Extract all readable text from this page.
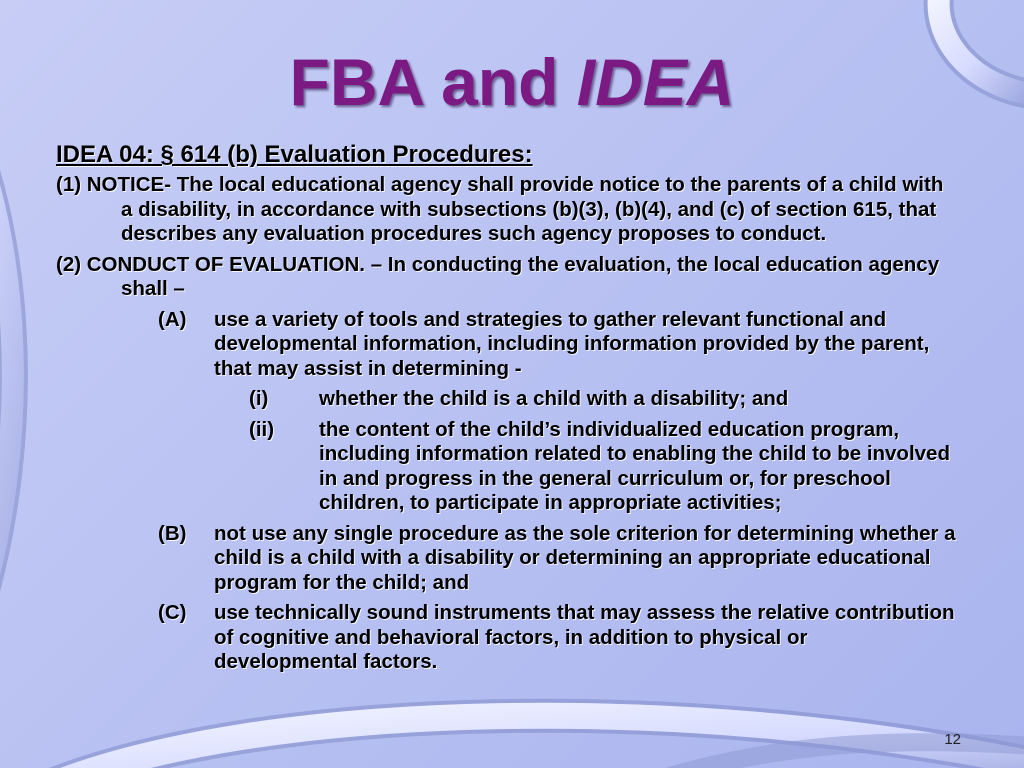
FBA and IDEA
IDEA 04: § 614 (b) Evaluation Procedures:
(1) NOTICE- The local educational agency shall provide notice to the parents of a child with a disability, in accordance with subsections (b)(3), (b)(4), and (c) of section 615, that describes any evaluation procedures such agency proposes to conduct.
(2) CONDUCT OF EVALUATION. – In conducting the evaluation, the local education agency shall –
(A)	use a variety of tools and strategies to gather relevant functional and developmental information, including information provided by the parent, that may assist in determining -
(i)	whether the child is a child with a disability; and
(ii)	the content of the child’s individualized education program, including information related to enabling the child to be involved in and progress in the general curriculum or, for preschool children, to participate in appropriate activities;
(B)	not use any single procedure as the sole criterion for determining whether a child is a child with a disability or determining an appropriate educational program for the child; and
(C)	use technically sound instruments that may assess the relative contribution of cognitive and behavioral factors, in addition to physical or developmental factors.
12
